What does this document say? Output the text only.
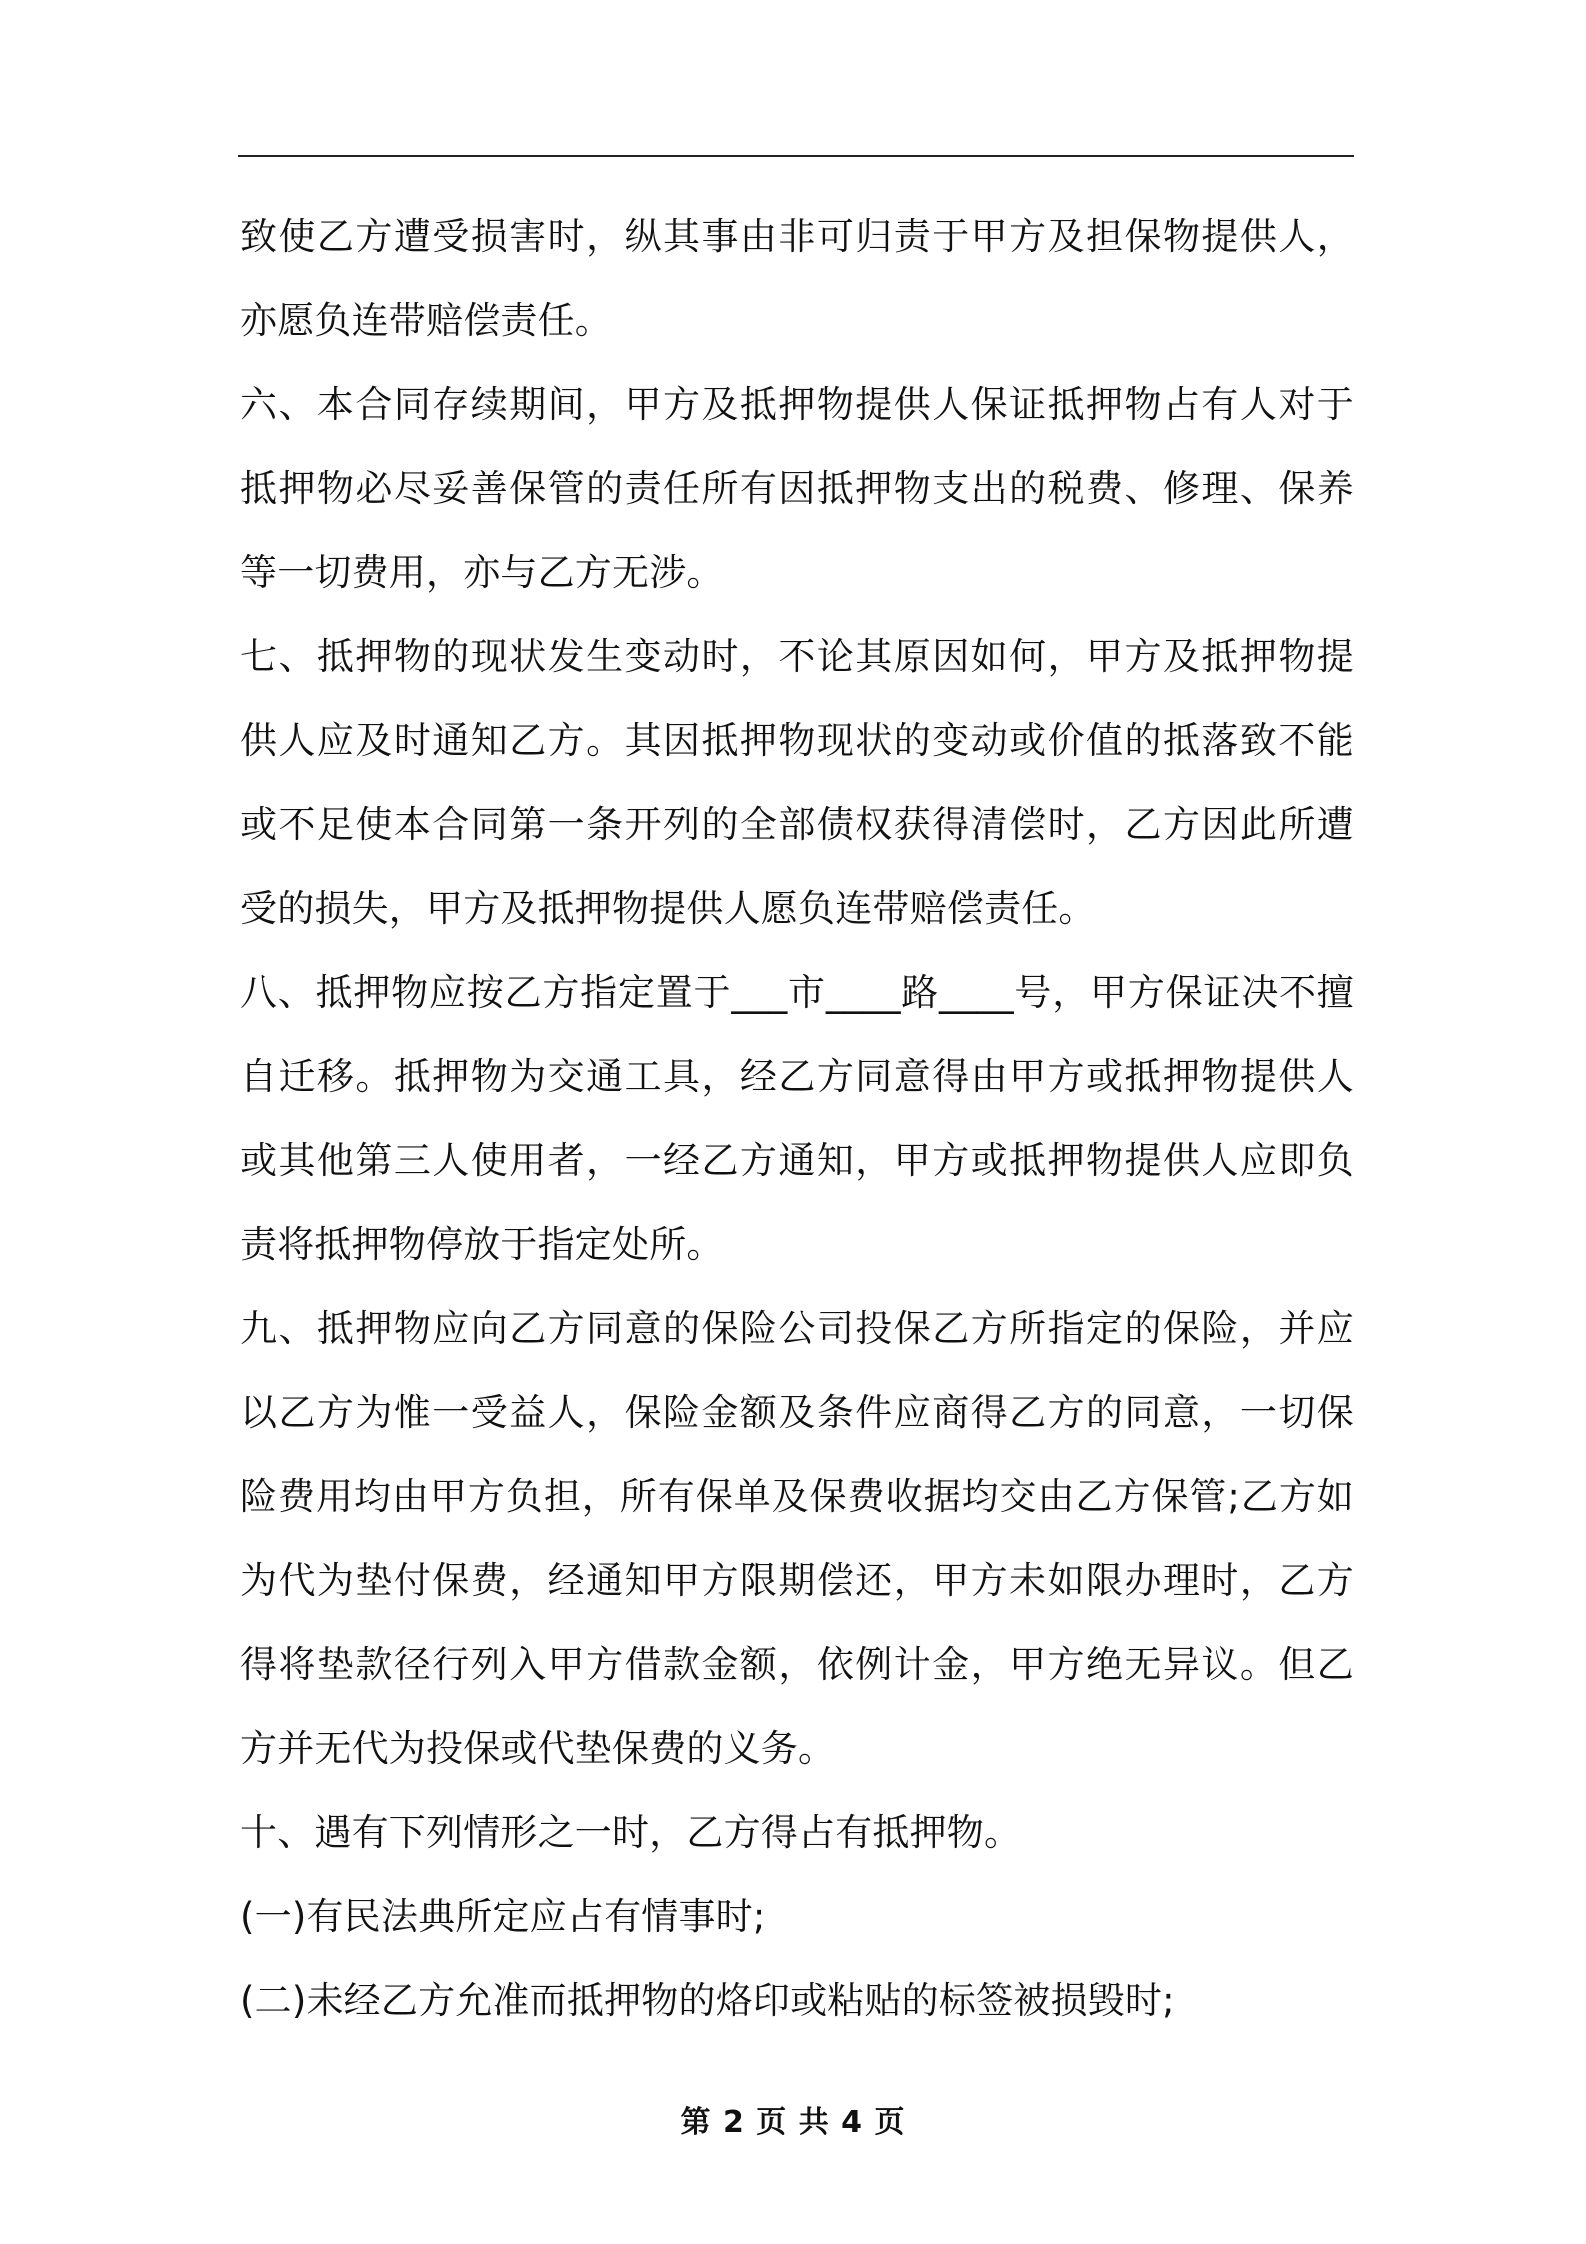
致使乙方遭受损害时，纵其事由非可归责于甲方及担保物提供人，亦愿负连带赔偿责任。

六、本合同存续期间，甲方及抵押物提供人保证抵押物占有人对于抵押物必尽妥善保管的责任所有因抵押物支出的税费、修理、保养等一切费用，亦与乙方无涉。

七、抵押物的现状发生变动时，不论其原因如何，甲方及抵押物提供人应及时通知乙方。其因抵押物现状的变动或价值的抵落致不能或不足使本合同第一条开列的全部债权获得清偿时，乙方因此所遭受的损失，甲方及抵押物提供人愿负连带赔偿责任。

八、抵押物应按乙方指定置于___市____路____号，甲方保证决不擅自迁移。抵押物为交通工具，经乙方同意得由甲方或抵押物提供人或其他第三人使用者，一经乙方通知，甲方或抵押物提供人应即负责将抵押物停放于指定处所。

九、抵押物应向乙方同意的保险公司投保乙方所指定的保险，并应以乙方为惟一受益人，保险金额及条件应商得乙方的同意，一切保险费用均由甲方负担，所有保单及保费收据均交由乙方保管;乙方如为代为垫付保费，经通知甲方限期偿还，甲方未如限办理时，乙方得将垫款径行列入甲方借款金额，依例计金，甲方绝无异议。但乙方并无代为投保或代垫保费的义务。

十、遇有下列情形之一时，乙方得占有抵押物。

(一)有民法典所定应占有情事时;

(二)未经乙方允准而抵押物的烙印或粘贴的标签被损毁时;

第 2 页 共 4 页
